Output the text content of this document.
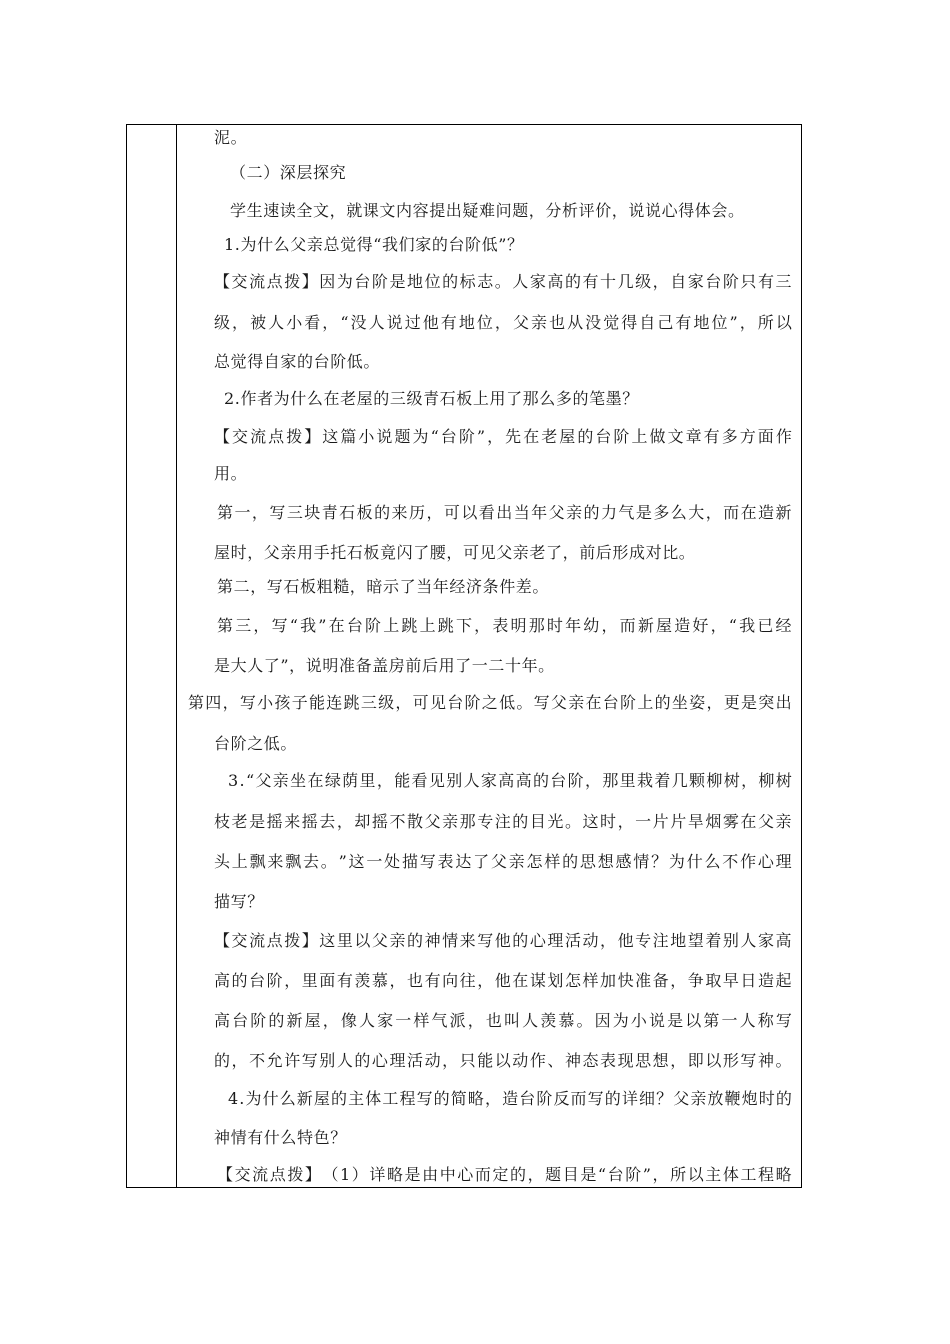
泥。
（二）深层探究
学生速读全文，就课文内容提出疑难问题，分析评价，说说心得体会。
1.为什么父亲总觉得“我们家的台阶低”？
【 交 流 点 拨 】 因 为 台 阶 是 地 位 的 标 志 。 人 家 高 的 有 十 几 级 ， 自 家 台 阶 只 有 三
级 ， 被 人 小 看 ， “ 没 人 说 过 他 有 地 位 ， 父 亲 也 从 没 觉 得 自 己 有 地 位 ” ， 所 以
总觉得自家的台阶低。
2.作者为什么在老屋的三级青石板上用了那么多的笔墨？
【 交 流 点 拨 】 这 篇 小 说 题 为 “ 台 阶 ” ， 先 在 老 屋 的 台 阶 上 做 文 章 有 多 方 面 作
用。
第 一 ， 写 三 块 青 石 板 的 来 历 ， 可 以 看 出 当 年 父 亲 的 力 气 是 多 么 大 ， 而 在 造 新
屋时，父亲用手托石板竟闪了腰，可见父亲老了，前后形成对比。
第二，写石板粗糙，暗示了当年经济条件差。
第 三 ， 写 “ 我 ” 在 台 阶 上 跳 上 跳 下 ， 表 明 那 时 年 幼 ， 而 新 屋 造 好 ， “ 我 已 经
是大人了”，说明准备盖房前后用了一二十年。
第 四 ， 写 小 孩 子 能 连 跳 三 级 ， 可 见 台 阶 之 低 。 写 父 亲 在 台 阶 上 的 坐 姿 ， 更 是 突 出
台阶之低。
3 . “ 父 亲 坐 在 绿 荫 里 ， 能 看 见 别 人 家 高 高 的 台 阶 ， 那 里 栽 着 几 颗 柳 树 ， 柳 树
枝 老 是 摇 来 摇 去 ， 却 摇 不 散 父 亲 那 专 注 的 目 光 。 这 时 ， 一 片 片 旱 烟 雾 在 父 亲
头 上 飘 来 飘 去 。 ” 这 一 处 描 写 表 达 了 父 亲 怎 样 的 思 想 感 情 ？ 为 什 么 不 作 心 理
描写？
【 交 流 点 拨 】 这 里 以 父 亲 的 神 情 来 写 他 的 心 理 活 动 ， 他 专 注 地 望 着 别 人 家 高
高 的 台 阶 ， 里 面 有 羡 慕 ， 也 有 向 往 ， 他 在 谋 划 怎 样 加 快 准 备 ， 争 取 早 日 造 起
高 台 阶 的 新 屋 ， 像 人 家 一 样 气 派 ， 也 叫 人 羡 慕 。 因 为 小 说 是 以 第 一 人 称 写
的 ， 不 允 许 写 别 人 的 心 理 活 动 ， 只 能 以 动 作 、 神 态 表 现 思 想 ， 即 以 形 写 神 。
4 . 为 什 么 新 屋 的 主 体 工 程 写 的 简 略 ， 造 台 阶 反 而 写 的 详 细 ？ 父 亲 放 鞭 炮 时 的
神情有什么特色？
【 交 流 点 拨 】 （ 1 ） 详 略 是 由 中 心 而 定 的 ， 题 目 是 “ 台 阶 ” ， 所 以 主 体 工 程 略
